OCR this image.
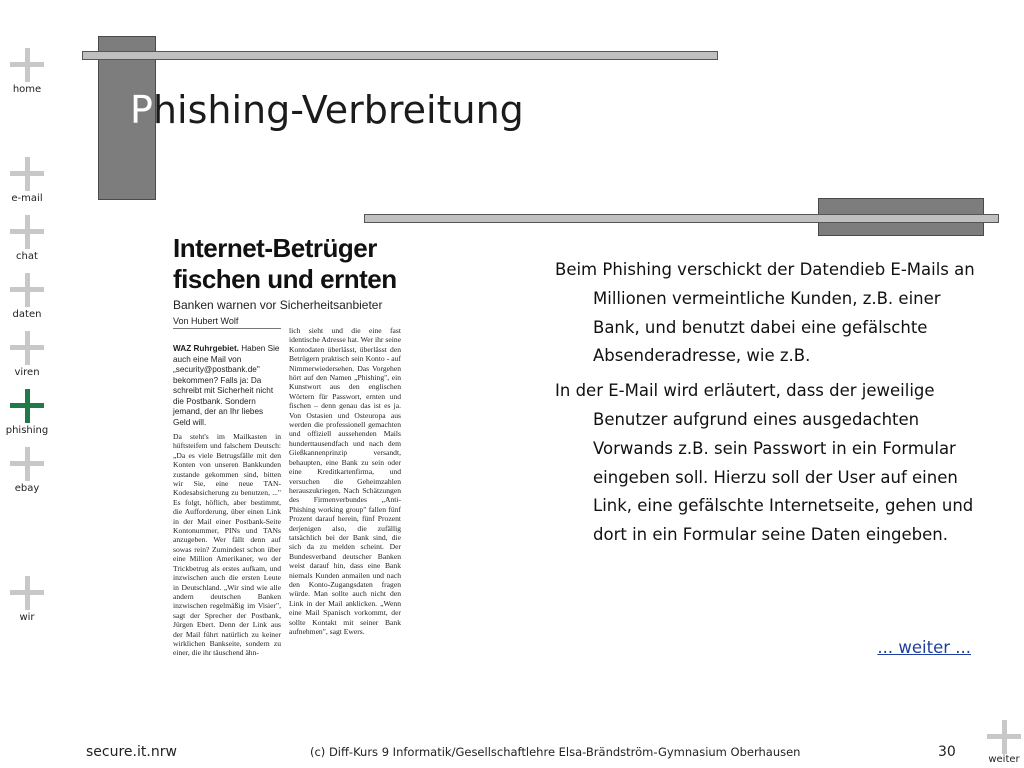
home
e-mail
chat
daten
viren
phishing
ebay
wir
Phishing-Verbreitung
Internet-Betrüger
fischen und ernten
Banken warnen vor Sicherheitsanbieter
Von Hubert Wolf
WAZ Ruhrgebiet. Haben Sie auch eine Mail von „security@postbank.de" bekommen? Falls ja: Da schreibt mit Sicherheit nicht die Postbank. Sondern jemand, der an Ihr liebes Geld will.
Da steht's im Mailkasten in hüftsteifem und falschem Deutsch: „Da es viele Betrugsfälle mit den Konten von unseren Bankkunden zustande gekommen sind, bitten wir Sie, eine neue TAN-Kodesabsicherung zu benutzen, ..." Es folgt, höflich, aber bestimmt, die Aufforderung, über einen Link in der Mail einer Postbank-Seite Kontonummer, PINs und TANs anzugeben. Wer fällt denn auf sowas rein? Zumindest schon über eine Million Amerikaner, wo der Trickbetrug als erstes aufkam, und inzwischen auch die ersten Leute in Deutschland. „Wir sind wie alle andern deutschen Banken inzwischen regelmäßig im Visier", sagt der Sprecher der Postbank, Jürgen Ebert. Denn der Link aus der Mail führt natürlich zu keiner wirklichen Bankseite, sondern zu einer, die ihr täuschend ähn-
lich sieht und die eine fast identische Adresse hat. Wer ihr seine Kontodaten überlässt, überlässt den Betrügern praktisch sein Konto - auf Nimmerwiedersehen. Das Vorgehen hört auf den Namen „Phishing", ein Kunstwort aus den englischen Wörtern für Passwort, ernten und fischen – denn genau das ist es ja. Von Ostasien und Osteuropa aus werden die professionell gemachten und offiziell aussehenden Mails hunderttausendfach und nach dem Gießkannenprinzip versandt, behaupten, eine Bank zu sein oder eine Kreditkartenfirma, und versuchen die Geheimzahlen herauszukriegen. Nach Schätzungen des Firmenverbundes „Anti-Phishing working group" fallen fünf Prozent darauf herein, fünf Prozent derjenigen also, die zufällig tatsächlich bei der Bank sind, die sich da zu melden scheint. Der Bundesverband deutscher Banken weist darauf hin, dass eine Bank niemals Kunden anmailen und nach den Konto-Zugangsdaten fragen würde. Man sollte auch nicht den Link in der Mail anklicken. „Wenn eine Mail Spanisch vorkommt, der sollte Kontakt mit seiner Bank aufnehmen", sagt Ewers.

Beim Phishing verschickt der Datendieb E-Mails an Millionen vermeintliche Kunden, z.B. einer Bank, und benutzt dabei eine gefälschte Absenderadresse, wie z.B.

In der E-Mail wird erläutert, dass der jeweilige Benutzer aufgrund eines ausgedachten Vorwands z.B. sein Passwort in ein Formular eingeben soll. Hierzu soll der User auf einen Link, eine gefälschte Internetseite, gehen und dort in ein Formular seine Daten eingeben.

... weiter ...
secure.it.nrw	(c) Diff-Kurs 9 Informatik/Gesellschaftlehre Elsa-Brändström-Gymnasium Oberhausen	30	weiter
